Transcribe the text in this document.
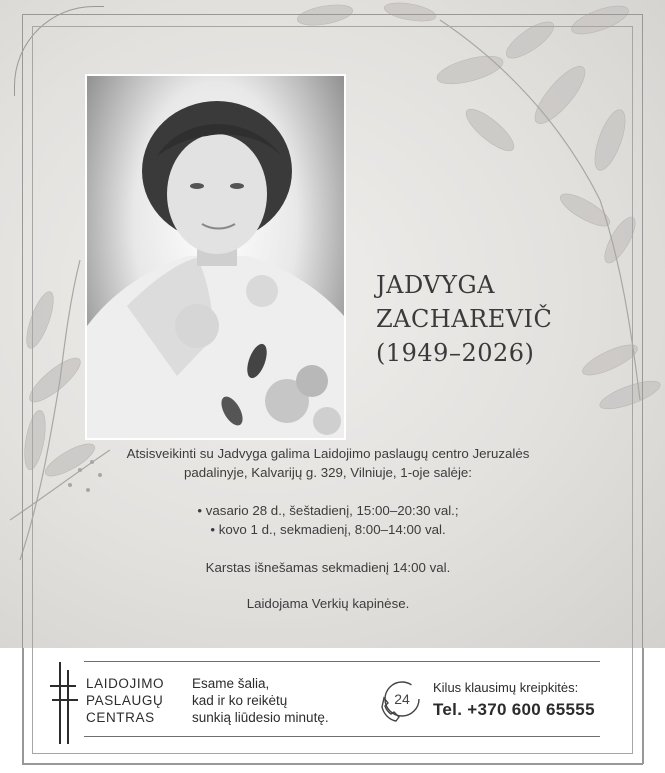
JADVYGA
ZACHAREVIČ
(1949–2026)

Atsisveikinti su Jadvyga galima Laidojimo paslaugų centro Jeruzalės

padalinyje, Kalvarijų g. 329, Vilniuje, 1-oje salėje:

• vasario 28 d., šeštadienį, 15:00–20:30 val.;

• kovo 1 d., sekmadienį, 8:00–14:00 val.

Karstas išnešamas sekmadienį 14:00 val.

Laidojama Verkių kapinėse.

LAIDOJIMO
PASLAUGŲ
CENTRAS
Esame šalia,
kad ir ko reikėtų
sunkią liūdesio minutę.
24
Kilus klausimų kreipkitės:
Tel. +370 600 65555
